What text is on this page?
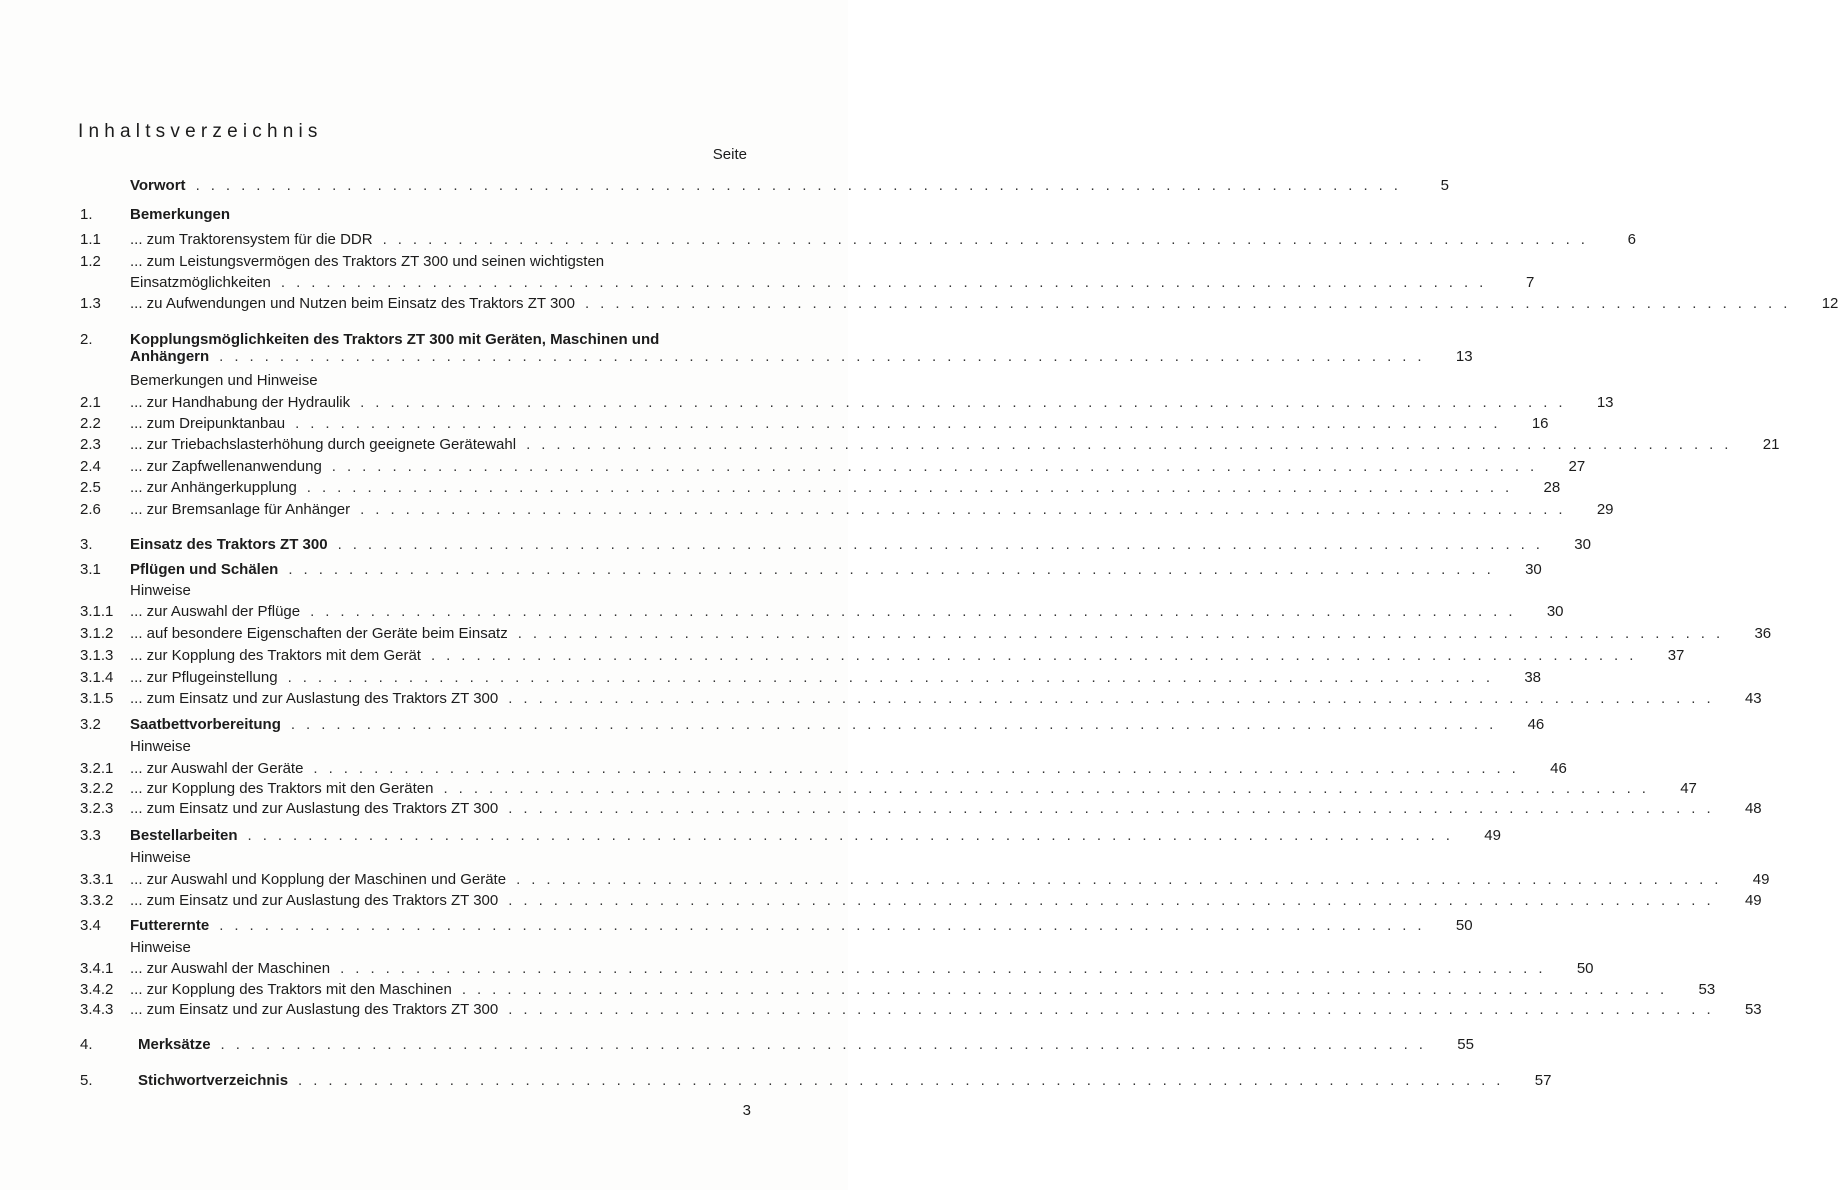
Inhaltsverzeichnis
Seite
Vorwort ................................................................................	5
1.	Bemerkungen
1.1	... zum Traktorensystem für die DDR ................................................................................	6
1.2	... zum Leistungsvermögen des Traktors ZT 300 und seinen wichtigsten
Einsatzmöglichkeiten ................................................................................	7
1.3	... zu Aufwendungen und Nutzen beim Einsatz des Traktors ZT 300 ................................................................................	12
2.	Kopplungsmöglichkeiten des Traktors ZT 300 mit Geräten, Maschinen und
Anhängern ................................................................................	13
Bemerkungen und Hinweise
2.1	... zur Handhabung der Hydraulik ................................................................................	13
2.2	... zum Dreipunktanbau ................................................................................	16
2.3	... zur Triebachslasterhöhung durch geeignete Gerätewahl ................................................................................	21
2.4	... zur Zapfwellenanwendung ................................................................................	27
2.5	... zur Anhängerkupplung ................................................................................	28
2.6	... zur Bremsanlage für Anhänger ................................................................................	29
3.	Einsatz des Traktors ZT 300 ................................................................................	30
3.1	Pflügen und Schälen ................................................................................	30
Hinweise
3.1.1	... zur Auswahl der Pflüge ................................................................................	30
3.1.2	... auf besondere Eigenschaften der Geräte beim Einsatz ................................................................................	36
3.1.3	... zur Kopplung des Traktors mit dem Gerät ................................................................................	37
3.1.4	... zur Pflugeinstellung ................................................................................	38
3.1.5	... zum Einsatz und zur Auslastung des Traktors ZT 300 ................................................................................	43
3.2	Saatbettvorbereitung ................................................................................	46
Hinweise
3.2.1	... zur Auswahl der Geräte ................................................................................	46
3.2.2	... zur Kopplung des Traktors mit den Geräten ................................................................................	47
3.2.3	... zum Einsatz und zur Auslastung des Traktors ZT 300 ................................................................................	48
3.3	Bestellarbeiten ................................................................................	49
Hinweise
3.3.1	... zur Auswahl und Kopplung der Maschinen und Geräte ................................................................................	49
3.3.2	... zum Einsatz und zur Auslastung des Traktors ZT 300 ................................................................................	49
3.4	Futterernte ................................................................................	50
Hinweise
3.4.1	... zur Auswahl der Maschinen ................................................................................	50
3.4.2	... zur Kopplung des Traktors mit den Maschinen ................................................................................	53
3.4.3	... zum Einsatz und zur Auslastung des Traktors ZT 300 ................................................................................	53
4.	Merksätze ................................................................................	55
5.	Stichwortverzeichnis ................................................................................	57
3
